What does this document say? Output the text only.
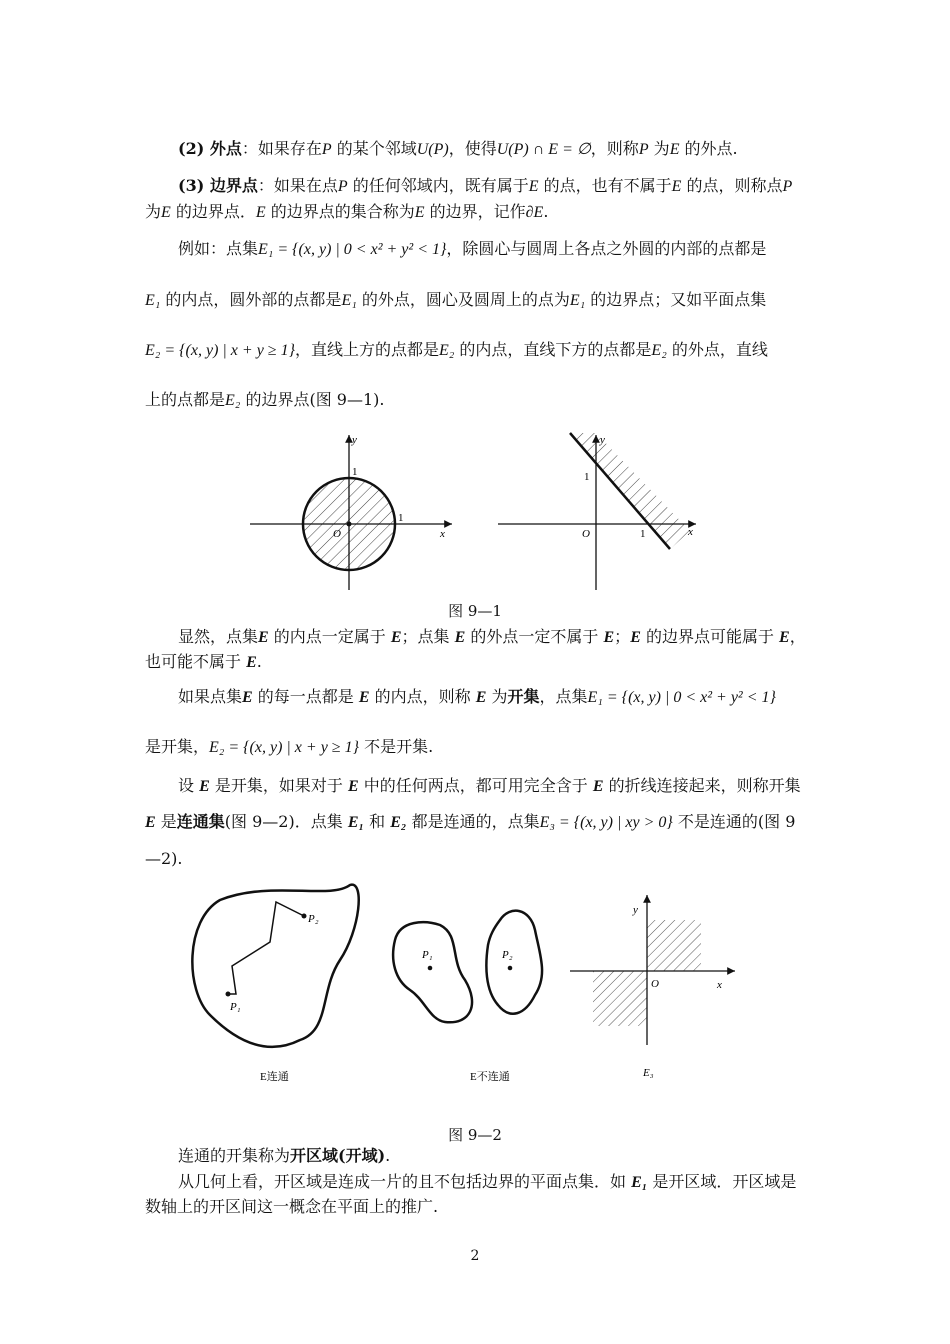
(2) 外点：如果存在P 的某个邻域U(P)，使得U(P) ∩ E = ∅，则称P 为E 的外点.
(3) 边界点：如果在点P 的任何邻域内，既有属于E 的点，也有不属于E 的点，则称点P
为E 的边界点．E 的边界点的集合称为E 的边界，记作∂E.
例如：点集E₁ = {(x, y) | 0 < x² + y² < 1}，除圆心与圆周上各点之外圆的内部的点都是
E₁ 的内点，圆外部的点都是E₁ 的外点，圆心及圆周上的点为E₁ 的边界点；又如平面点集
E₂ = {(x, y) | x + y ≥ 1}，直线上方的点都是E₂ 的内点，直线下方的点都是E₂ 的外点，直线
上的点都是E₂ 的边界点(图 9—1).
y
x
1
1
O
y
x
1
1
O
图 9—1
显然，点集E 的内点一定属于 E；点集 E 的外点一定不属于 E；E 的边界点可能属于 E，
也可能不属于 E.
如果点集E 的每一点都是 E 的内点，则称 E 为开集，点集E₁ = {(x, y) | 0 < x² + y² < 1}
是开集，E₂ = {(x, y) | x + y ≥ 1} 不是开集.
设 E 是开集，如果对于 E 中的任何两点，都可用完全含于 E 的折线连接起来，则称开集
E 是连通集(图 9—2)．点集 E₁ 和 E₂ 都是连通的，点集E₃ = {(x, y) | xy > 0} 不是连通的(图 9
—2).
P₁
P₂
E连通
P₁	P₂
E不连通
y
x
O
E₃
图 9—2
连通的开集称为开区域(开域).
从几何上看，开区域是连成一片的且不包括边界的平面点集．如 E₁ 是开区域．开区域是
数轴上的开区间这一概念在平面上的推广.
2
